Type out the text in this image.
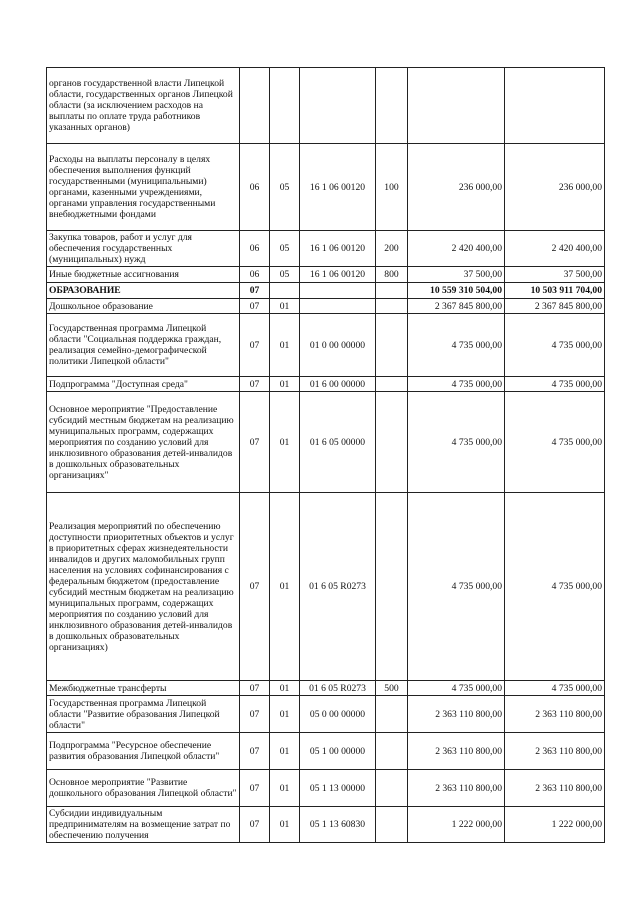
органов государственной власти Липецкой области, государственных органов Липецкой области (за исключением расходов на выплаты по оплате труда работников указанных органов)						
Расходы на выплаты персоналу в целях обеспечения выполнения функций государственными (муниципальными) органами, казенными учреждениями, органами управления государственными внебюджетными фондами	06	05	16 1 06 00120	100	236 000,00	236 000,00
Закупка товаров, работ и услуг для обеспечения государственных (муниципальных) нужд	06	05	16 1 06 00120	200	2 420 400,00	2 420 400,00
Иные бюджетные ассигнования	06	05	16 1 06 00120	800	37 500,00	37 500,00
ОБРАЗОВАНИЕ	07				10 559 310 504,00	10 503 911 704,00
Дошкольное образование	07	01			2 367 845 800,00	2 367 845 800,00
Государственная программа Липецкой области "Социальная поддержка граждан, реализация семейно-демографической политики Липецкой области"	07	01	01 0 00 00000		4 735 000,00	4 735 000,00
Подпрограмма "Доступная среда"	07	01	01 6 00 00000		4 735 000,00	4 735 000,00
Основное мероприятие "Предоставление субсидий местным бюджетам на реализацию муниципальных программ, содержащих мероприятия по созданию условий для инклюзивного образования детей-инвалидов в дошкольных образовательных организациях"	07	01	01 6 05 00000		4 735 000,00	4 735 000,00
Реализация мероприятий по обеспечению доступности приоритетных объектов и услуг в приоритетных сферах жизнедеятельности инвалидов и других маломобильных групп населения на условиях софинансирования с федеральным бюджетом (предоставление субсидий местным бюджетам на реализацию муниципальных программ, содержащих мероприятия по созданию условий для инклюзивного образования детей-инвалидов в дошкольных образовательных организациях)	07	01	01 6 05 R0273		4 735 000,00	4 735 000,00
Межбюджетные трансферты	07	01	01 6 05 R0273	500	4 735 000,00	4 735 000,00
Государственная программа Липецкой области "Развитие образования Липецкой области"	07	01	05 0 00 00000		2 363 110 800,00	2 363 110 800,00
Подпрограмма "Ресурсное обеспечение развития образования Липецкой области"	07	01	05 1 00 00000		2 363 110 800,00	2 363 110 800,00
Основное мероприятие "Развитие дошкольного образования Липецкой области"	07	01	05 1 13 00000		2 363 110 800,00	2 363 110 800,00
Субсидии индивидуальным предпринимателям на возмещение затрат по обеспечению получения	07	01	05 1 13 60830		1 222 000,00	1 222 000,00
